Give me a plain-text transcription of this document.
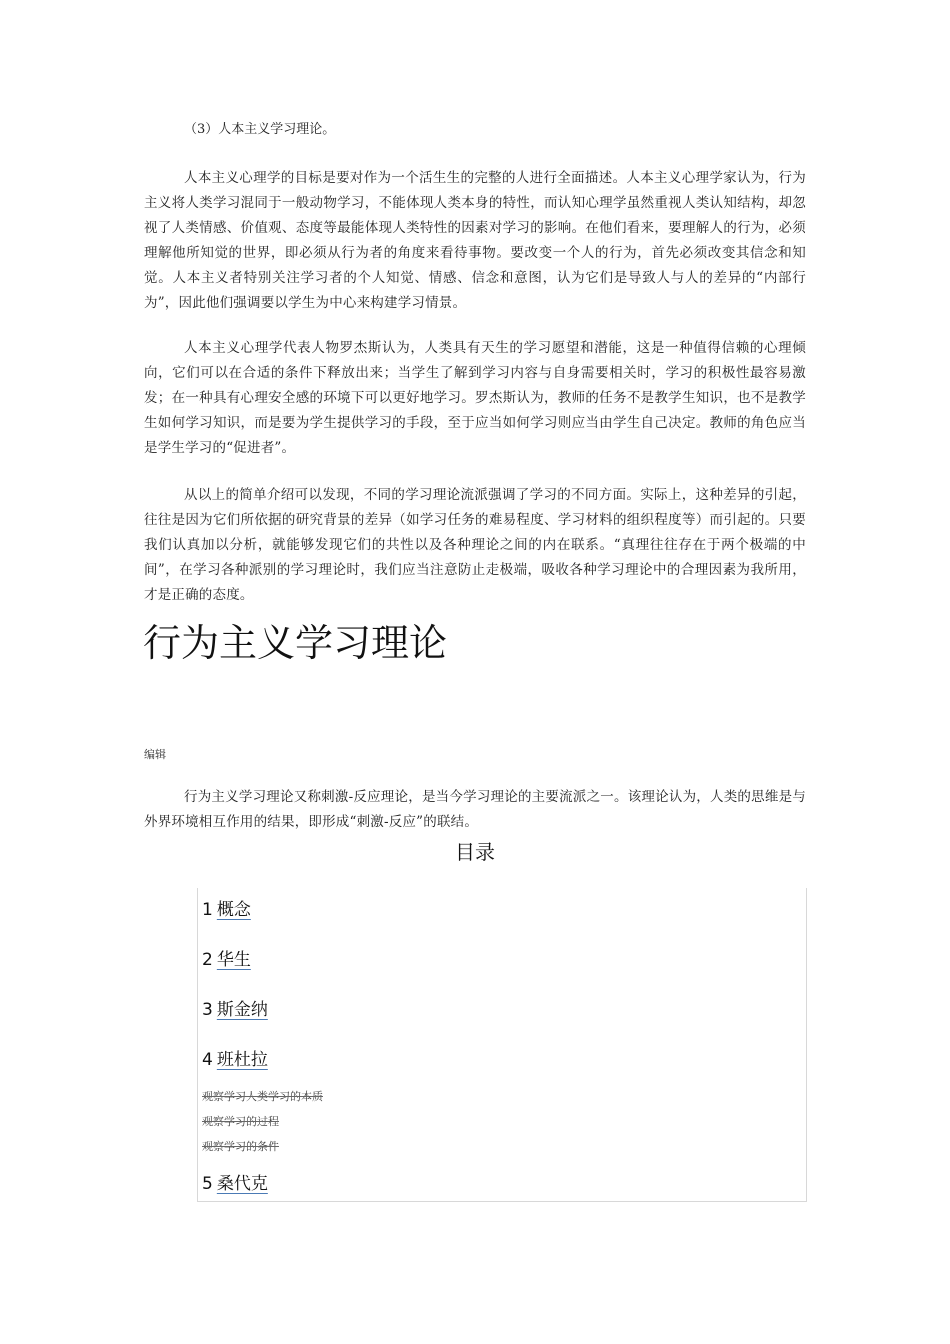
（3）人本主义学习理论。

人本主义心理学的目标是要对作为一个活生生的完整的人进行全面描述。人本主义心理学家认为，行为主义将人类学习混同于一般动物学习，不能体现人类本身的特性，而认知心理学虽然重视人类认知结构，却忽视了人类情感、价值观、态度等最能体现人类特性的因素对学习的影响。在他们看来，要理解人的行为，必须理解他所知觉的世界，即必须从行为者的角度来看待事物。要改变一个人的行为，首先必须改变其信念和知觉。人本主义者特别关注学习者的个人知觉、情感、信念和意图，认为它们是导致人与人的差异的“内部行为”，因此他们强调要以学生为中心来构建学习情景。

人本主义心理学代表人物罗杰斯认为，人类具有天生的学习愿望和潜能，这是一种值得信赖的心理倾向，它们可以在合适的条件下释放出来；当学生了解到学习内容与自身需要相关时，学习的积极性最容易激发；在一种具有心理安全感的环境下可以更好地学习。罗杰斯认为，教师的任务不是教学生知识，也不是教学生如何学习知识，而是要为学生提供学习的手段，至于应当如何学习则应当由学生自己决定。教师的角色应当是学生学习的“促进者”。

从以上的简单介绍可以发现，不同的学习理论流派强调了学习的不同方面。实际上，这种差异的引起，往往是因为它们所依据的研究背景的差异（如学习任务的难易程度、学习材料的组织程度等）而引起的。只要我们认真加以分析，就能够发现它们的共性以及各种理论之间的内在联系。“真理往往存在于两个极端的中间”，在学习各种派别的学习理论时，我们应当注意防止走极端，吸收各种学习理论中的合理因素为我所用，才是正确的态度。

行为主义学习理论
编辑

行为主义学习理论又称刺激-反应理论，是当今学习理论的主要流派之一。该理论认为，人类的思维是与外界环境相互作用的结果，即形成“刺激-反应”的联结。

目录
1 概念
2 华生
3 斯金纳
4 班杜拉
观察学习人类学习的本质
观察学习的过程
观察学习的条件
5 桑代克
